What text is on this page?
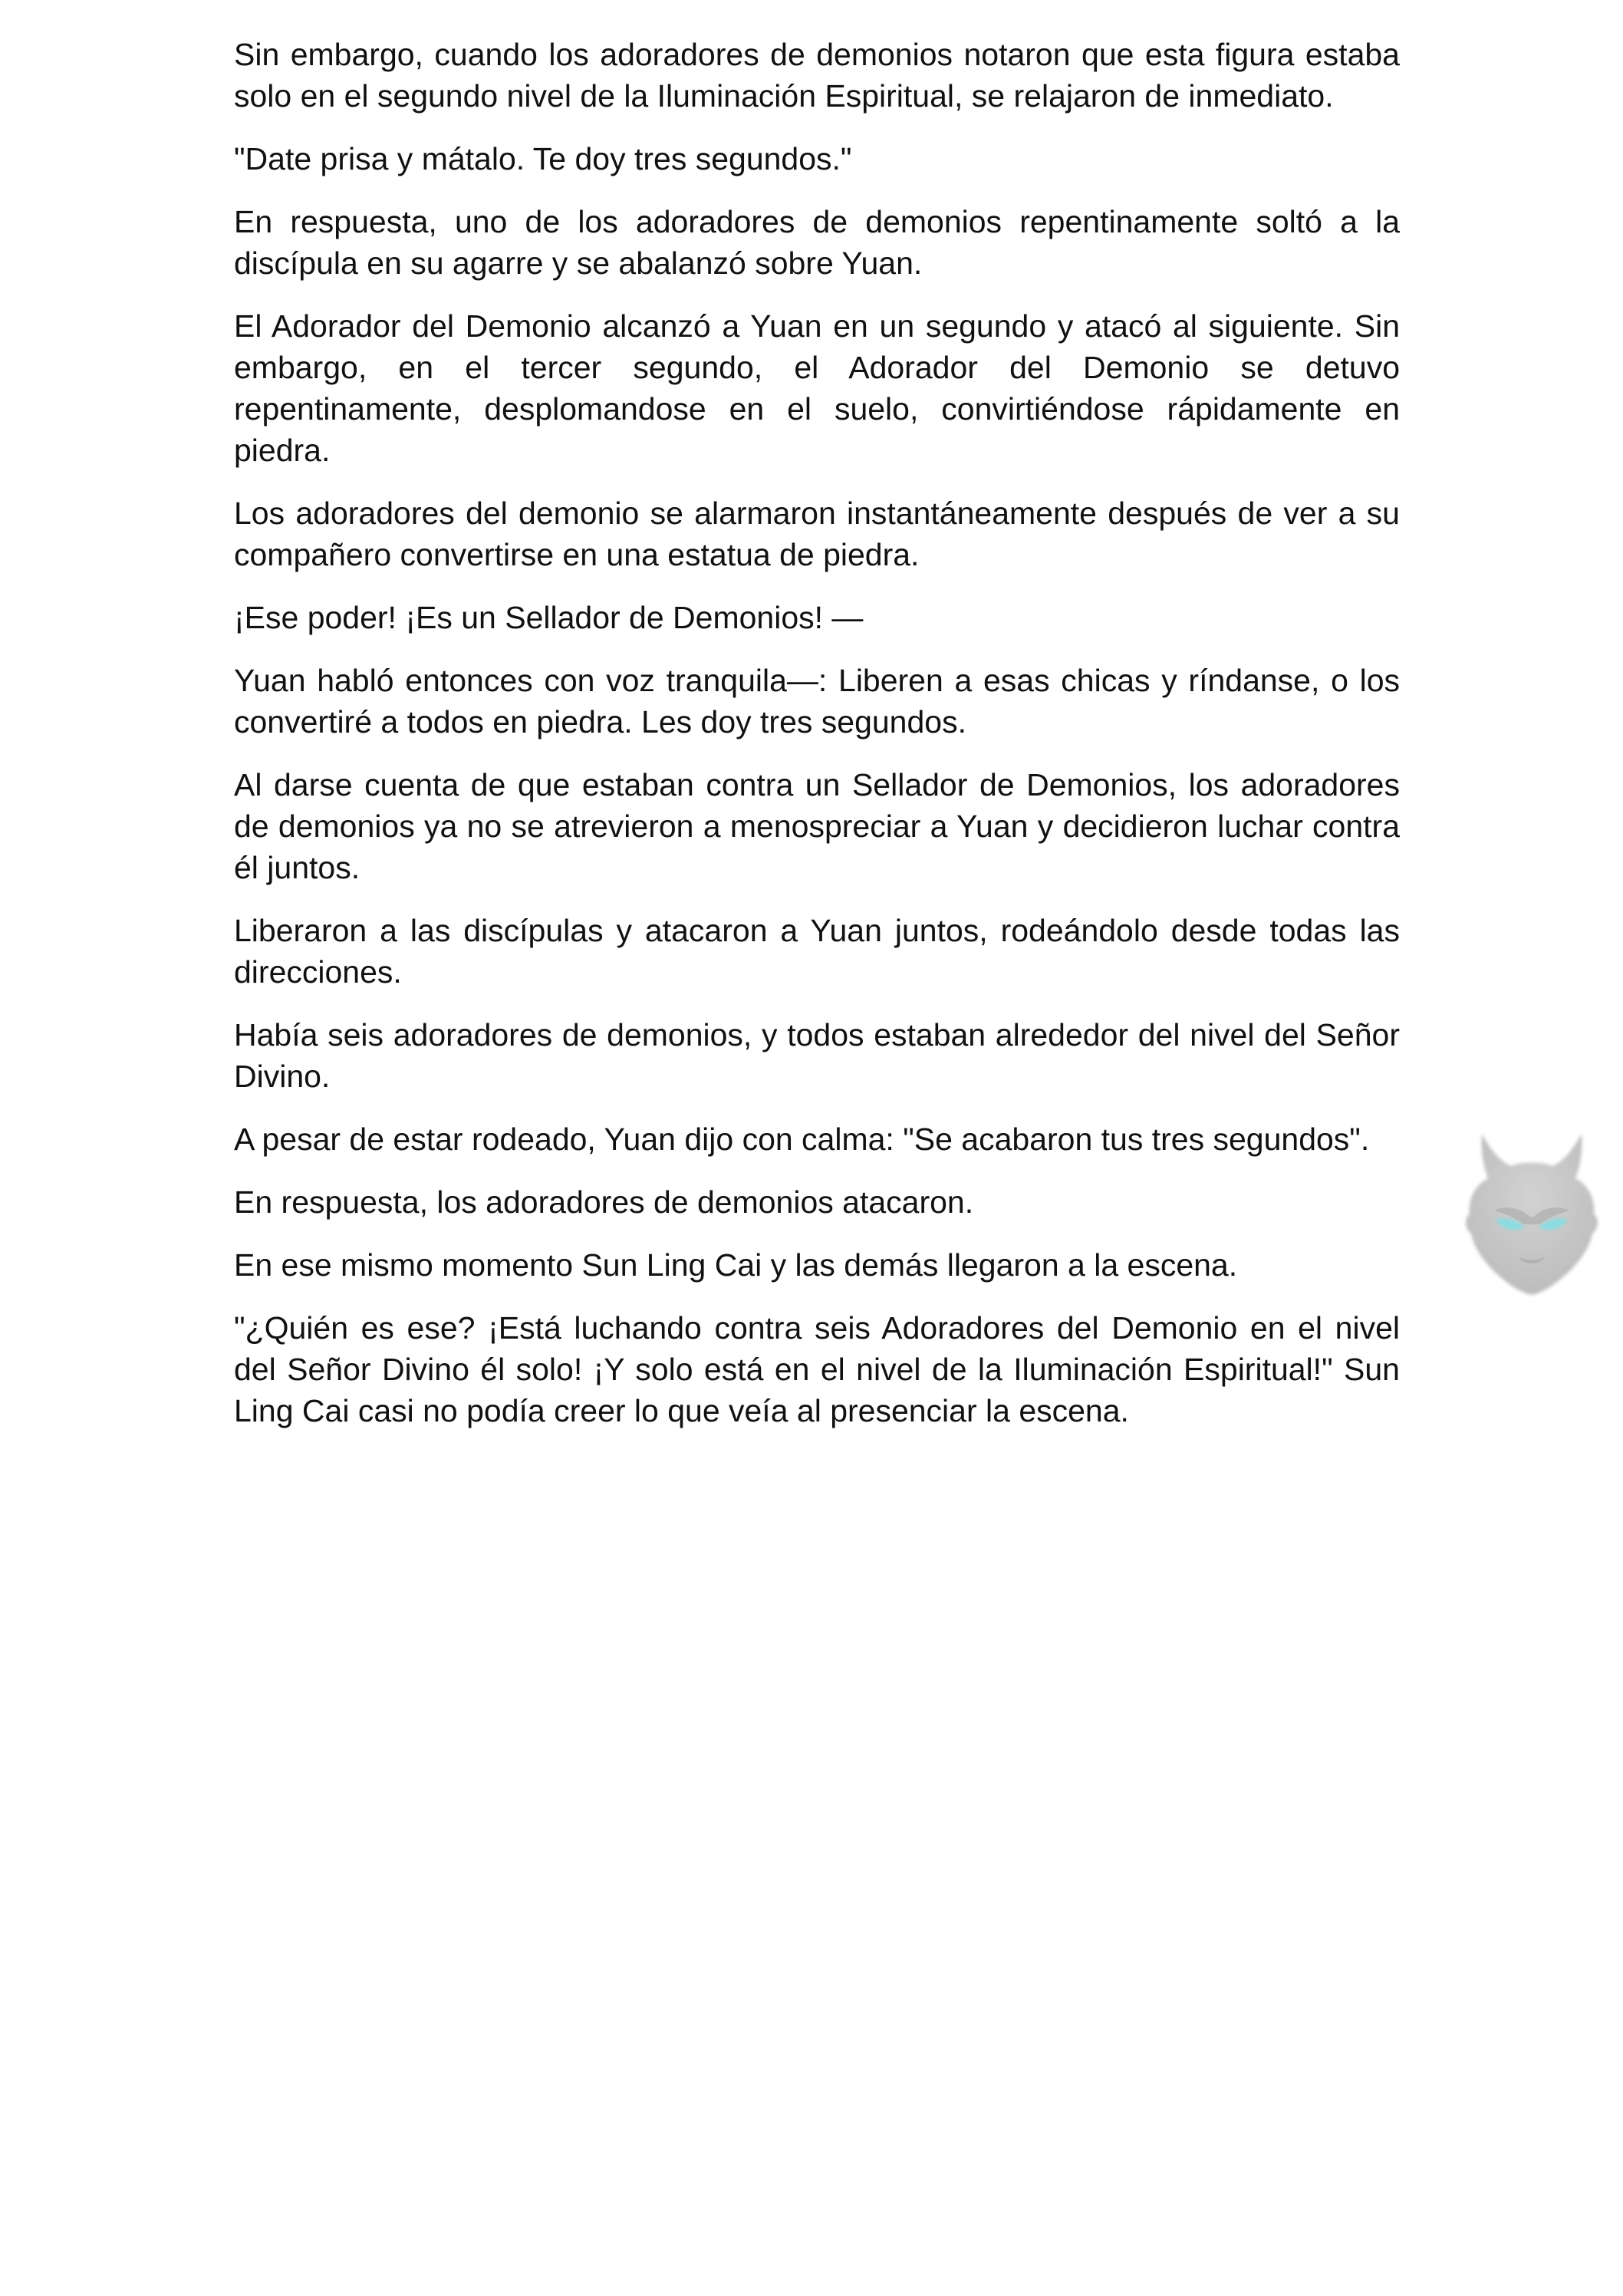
Sin embargo, cuando los adoradores de demonios notaron que esta figura estaba solo en el segundo nivel de la Iluminación Espiritual, se relajaron de inmediato.

"Date prisa y mátalo. Te doy tres segundos."

En respuesta, uno de los adoradores de demonios repentinamente soltó a la discípula en su agarre y se abalanzó sobre Yuan.

El Adorador del Demonio alcanzó a Yuan en un segundo y atacó al siguiente. Sin embargo, en el tercer segundo, el Adorador del Demonio se detuvo repentinamente, desplomandose en el suelo, convirtiéndose rápidamente en piedra.

Los adoradores del demonio se alarmaron instantáneamente después de ver a su compañero convertirse en una estatua de piedra.

¡Ese poder! ¡Es un Sellador de Demonios! —

Yuan habló entonces con voz tranquila—: Liberen a esas chicas y ríndanse, o los convertiré a todos en piedra. Les doy tres segundos.

Al darse cuenta de que estaban contra un Sellador de Demonios, los adoradores de demonios ya no se atrevieron a menospreciar a Yuan y decidieron luchar contra él juntos.

Liberaron a las discípulas y atacaron a Yuan juntos, rodeándolo desde todas las direcciones.

Había seis adoradores de demonios, y todos estaban alrededor del nivel del Señor Divino.

A pesar de estar rodeado, Yuan dijo con calma: "Se acabaron tus tres segundos".

En respuesta, los adoradores de demonios atacaron.

En ese mismo momento Sun Ling Cai y las demás llegaron a la escena.

"¿Quién es ese? ¡Está luchando contra seis Adoradores del Demonio en el nivel del Señor Divino él solo! ¡Y solo está en el nivel de la Iluminación Espiritual!" Sun Ling Cai casi no podía creer lo que veía al presenciar la escena.
